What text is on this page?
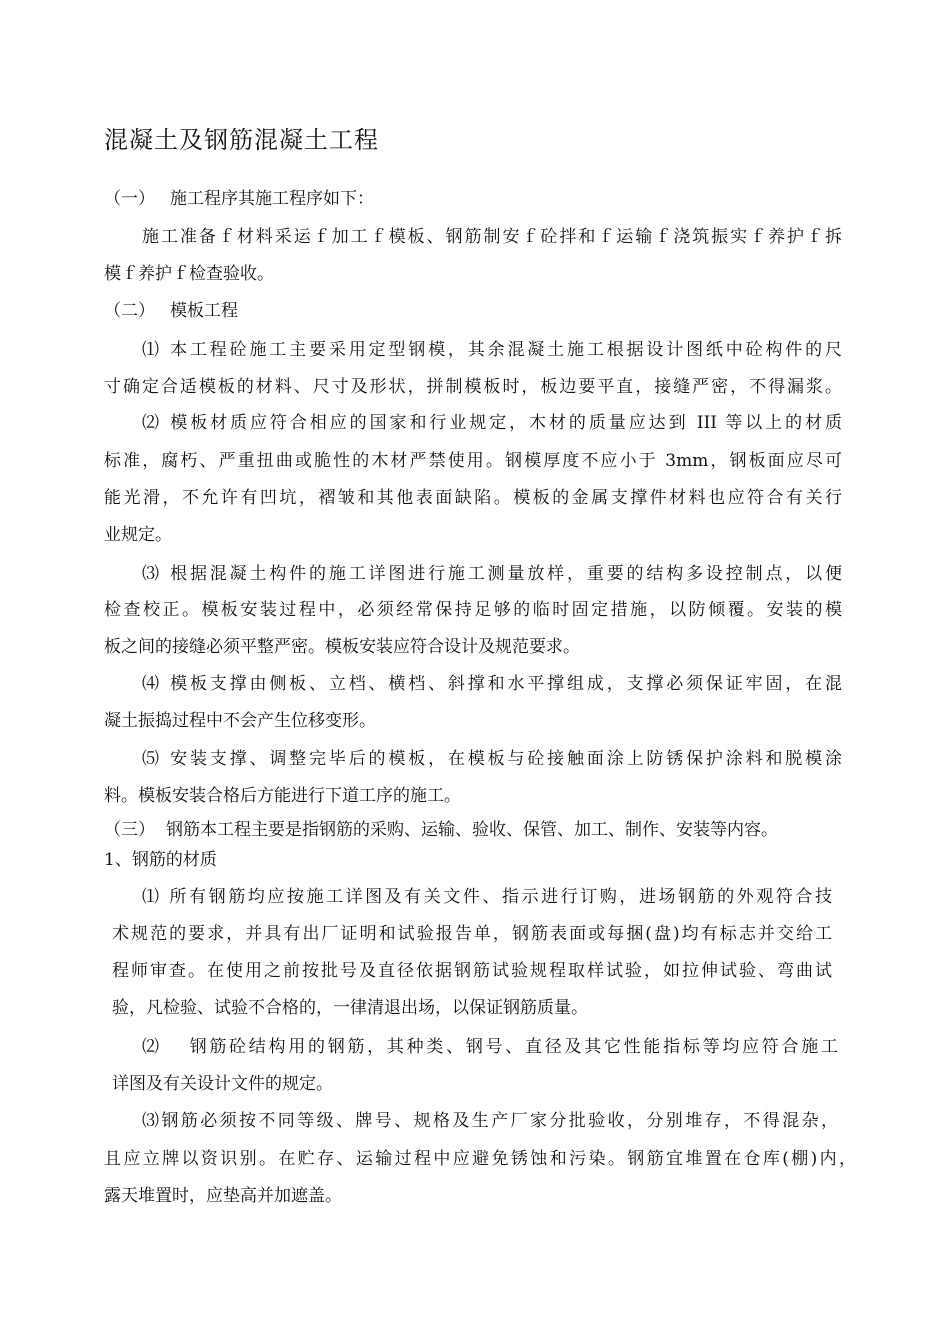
混凝土及钢筋混凝土工程
（一） 施工程序其施工程序如下：
施工准备ｆ材料采运ｆ加工ｆ模板、钢筋制安ｆ砼拌和ｆ运输ｆ浇筑振实ｆ养护ｆ拆
模ｆ养护ｆ检查验收。
（二） 模板工程
⑴ 本工程砼施工主要采用定型钢模，其余混凝土施工根据设计图纸中砼构件的尺
寸确定合适模板的材料、尺寸及形状，拼制模板时，板边要平直，接缝严密，不得漏浆。
⑵ 模板材质应符合相应的国家和行业规定，木材的质量应达到 III 等以上的材质
标准，腐朽、严重扭曲或脆性的木材严禁使用。钢模厚度不应小于 3mm，钢板面应尽可
能光滑，不允许有凹坑，褶皱和其他表面缺陷。模板的金属支撑件材料也应符合有关行
业规定。
⑶ 根据混凝土构件的施工详图进行施工测量放样，重要的结构多设控制点，以便
检查校正。模板安装过程中，必须经常保持足够的临时固定措施，以防倾覆。安装的模
板之间的接缝必须平整严密。模板安装应符合设计及规范要求。
⑷ 模板支撑由侧板、立档、横档、斜撑和水平撑组成，支撑必须保证牢固，在混
凝土振捣过程中不会产生位移变形。
⑸ 安装支撑、调整完毕后的模板，在模板与砼接触面涂上防锈保护涂料和脱模涂
料。模板安装合格后方能进行下道工序的施工。
（三） 钢筋本工程主要是指钢筋的采购、运输、验收、保管、加工、制作、安装等内容。
1、钢筋的材质
⑴ 所有钢筋均应按施工详图及有关文件、指示进行订购，进场钢筋的外观符合技
术规范的要求，并具有出厂证明和试验报告单，钢筋表面或每捆(盘)均有标志并交给工
程师审查。在使用之前按批号及直径依据钢筋试验规程取样试验，如拉伸试验、弯曲试
验，凡检验、试验不合格的，一律清退出场，以保证钢筋质量。
⑵　 钢筋砼结构用的钢筋，其种类、钢号、直径及其它性能指标等均应符合施工
详图及有关设计文件的规定。
⑶钢筋必须按不同等级、牌号、规格及生产厂家分批验收，分别堆存，不得混杂，
且应立牌以资识别。在贮存、运输过程中应避免锈蚀和污染。钢筋宜堆置在仓库(棚)内，
露天堆置时，应垫高并加遮盖。
